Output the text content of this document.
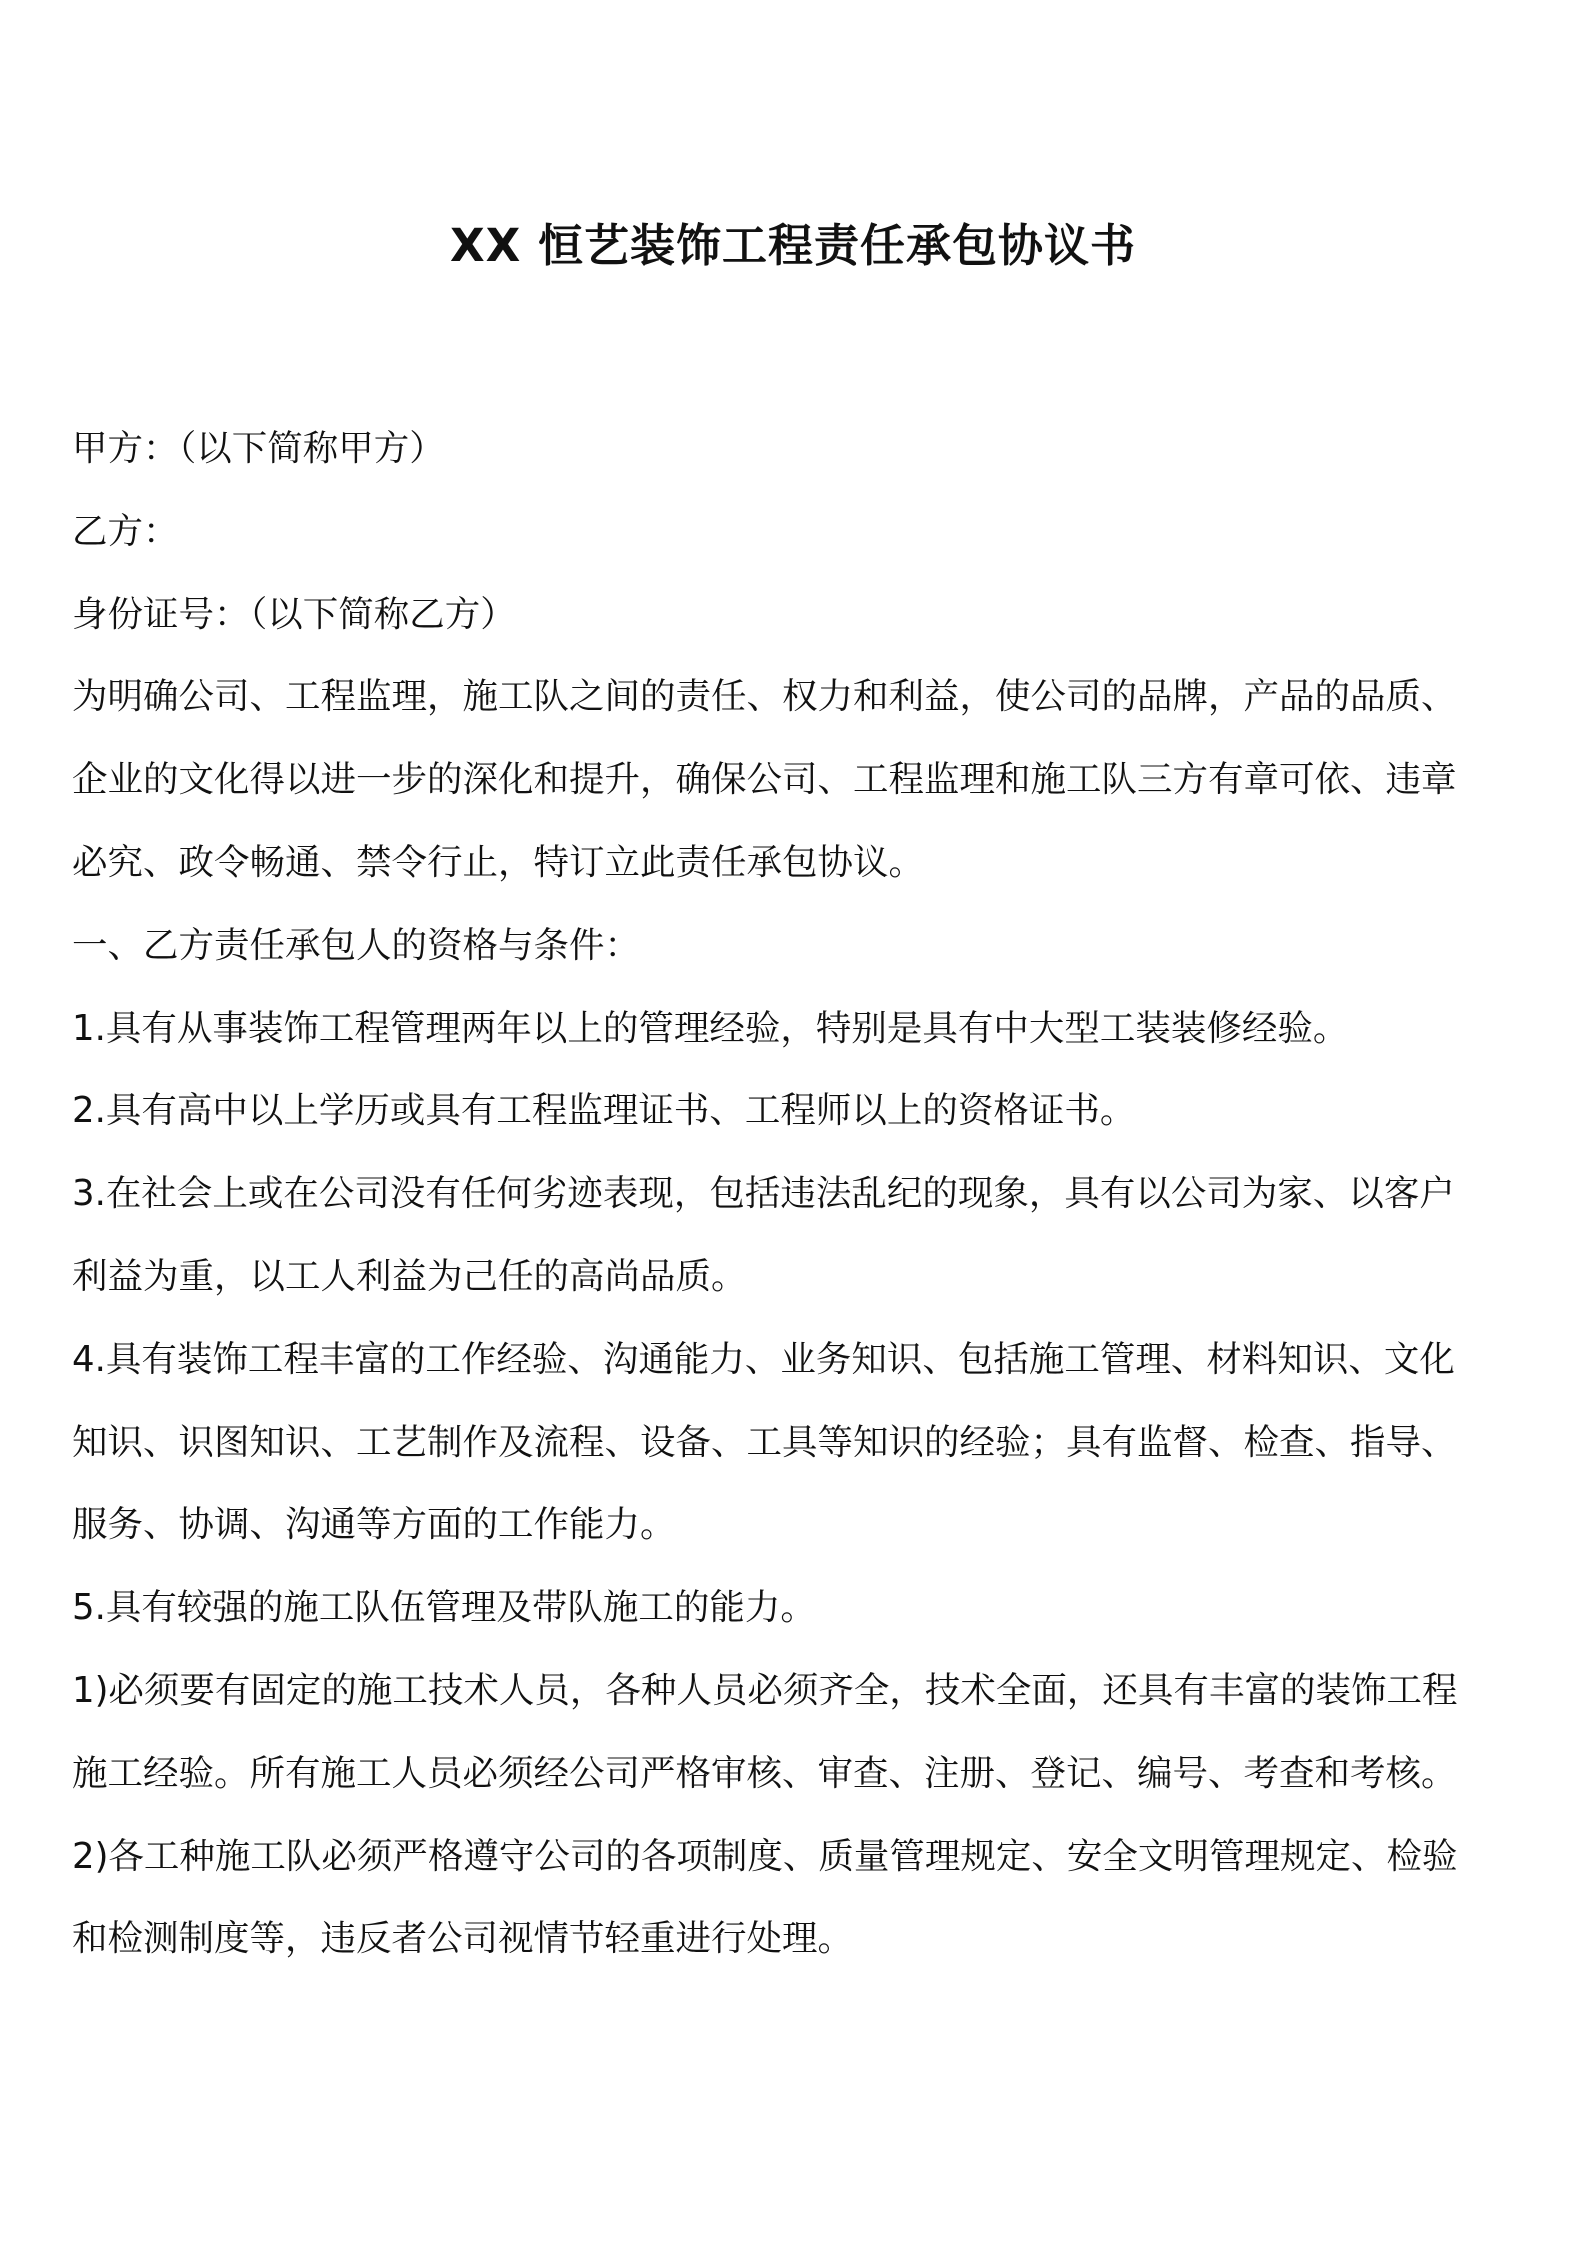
XX 恒艺装饰工程责任承包协议书
甲方：（以下简称甲方）
乙方：
身份证号：（以下简称乙方）
为明确公司、工程监理，施工队之间的责任、权力和利益，使公司的品牌，产品的品质、
企业的文化得以进一步的深化和提升，确保公司、工程监理和施工队三方有章可依、违章
必究、政令畅通、禁令行止，特订立此责任承包协议。
一、乙方责任承包人的资格与条件：
1.具有从事装饰工程管理两年以上的管理经验，特别是具有中大型工装装修经验。
2.具有高中以上学历或具有工程监理证书、工程师以上的资格证书。
3.在社会上或在公司没有任何劣迹表现，包括违法乱纪的现象，具有以公司为家、以客户
利益为重，以工人利益为己任的高尚品质。
4.具有装饰工程丰富的工作经验、沟通能力、业务知识、包括施工管理、材料知识、文化
知识、识图知识、工艺制作及流程、设备、工具等知识的经验；具有监督、检查、指导、
服务、协调、沟通等方面的工作能力。
5.具有较强的施工队伍管理及带队施工的能力。
1)必须要有固定的施工技术人员，各种人员必须齐全，技术全面，还具有丰富的装饰工程
施工经验。所有施工人员必须经公司严格审核、审查、注册、登记、编号、考查和考核。
2)各工种施工队必须严格遵守公司的各项制度、质量管理规定、安全文明管理规定、检验
和检测制度等，违反者公司视情节轻重进行处理。
